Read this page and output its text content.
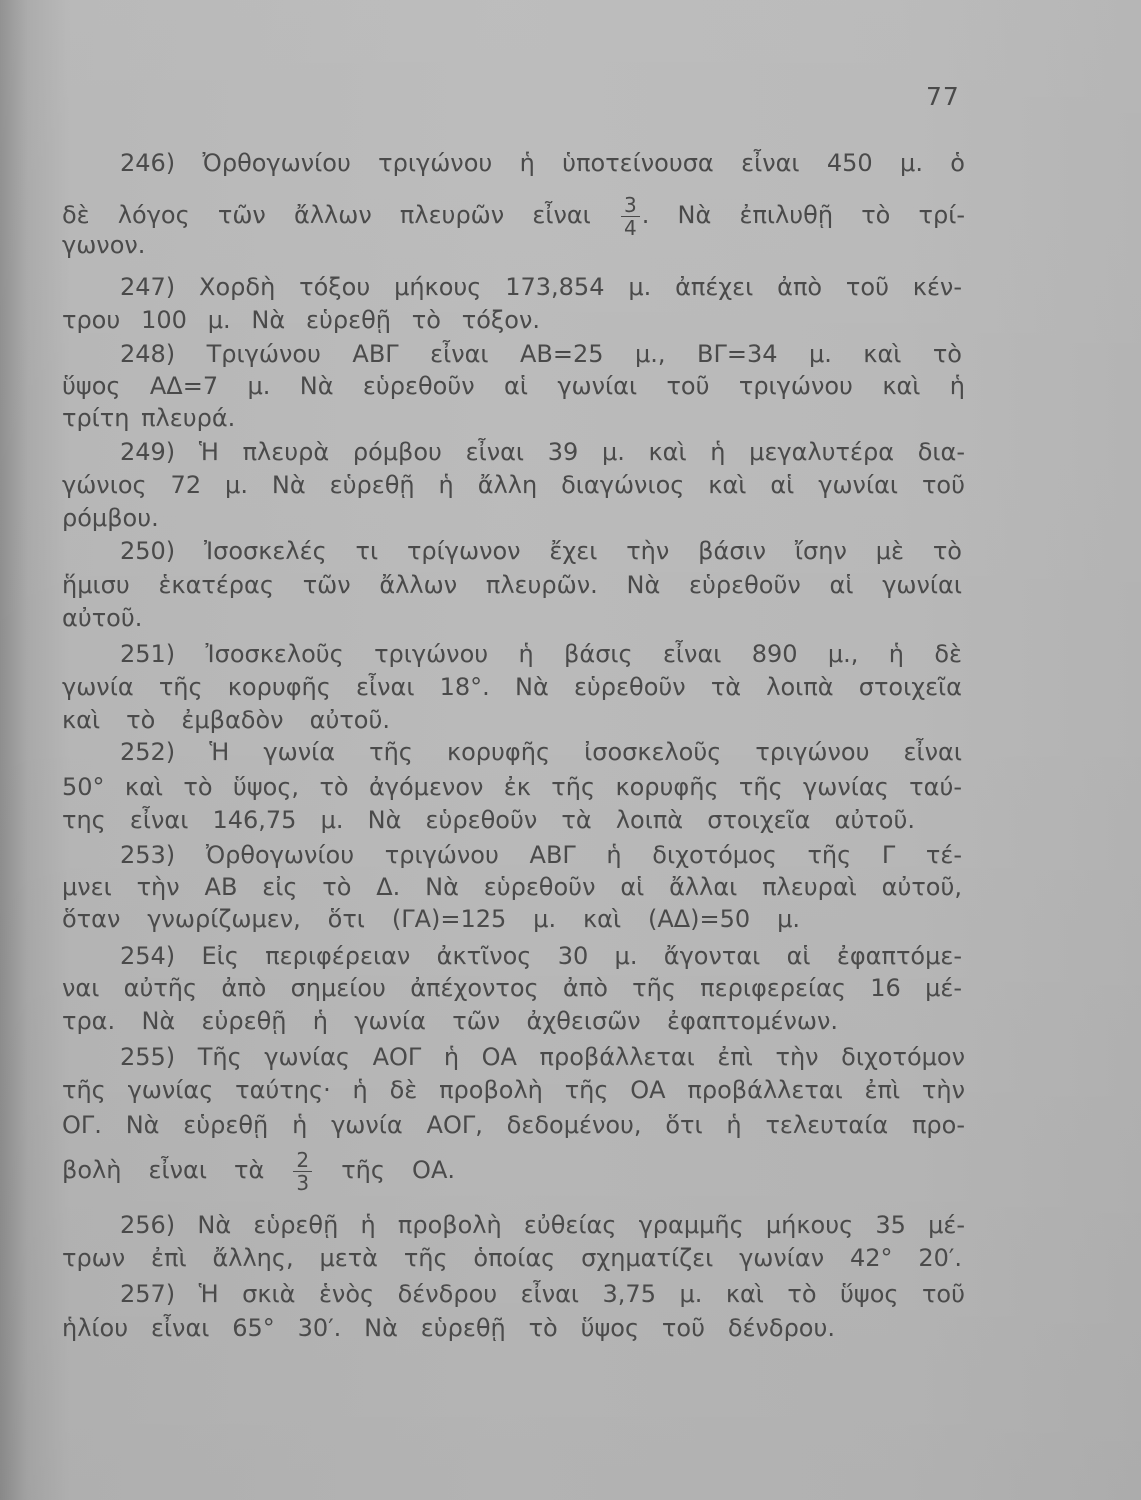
77
246) Ὀρθογωνίου τριγώνου ἡ ὑποτείνουσα εἶναι 450 μ. ὁ
δὲ λόγος τῶν ἄλλων πλευρῶν εἶναι $\frac{3}{4}$ . Νὰ ἐπιλυθῇ τὸ τρί-
γωνον.
247) Χορδὴ τόξου μήκους 173,854 μ. ἀπέχει ἀπὸ τοῦ κέν-
τρου 100 μ. Νὰ εὑρεθῇ τὸ τόξον.
248) Τριγώνου ΑΒΓ εἶναι ΑΒ=25 μ., ΒΓ=34 μ. καὶ τὸ
ὕψος ΑΔ=7 μ. Νὰ εὑρεθοῦν αἱ γωνίαι τοῦ τριγώνου καὶ ἡ
τρίτη πλευρά.
249) Ἡ πλευρὰ ρόμβου εἶναι 39 μ. καὶ ἡ μεγαλυτέρα δια-
γώνιος 72 μ. Νὰ εὑρεθῇ ἡ ἄλλη διαγώνιος καὶ αἱ γωνίαι τοῦ
ρόμβου.
250) Ἰσοσκελές τι τρίγωνον ἔχει τὴν βάσιν ἴσην μὲ τὸ
ἥμισυ ἑκατέρας τῶν ἄλλων πλευρῶν. Νὰ εὑρεθοῦν αἱ γωνίαι
αὐτοῦ.
251) Ἰσοσκελοῦς τριγώνου ἡ βάσις εἶναι 890 μ., ἡ δὲ
γωνία τῆς κορυφῆς εἶναι 18°. Νὰ εὑρεθοῦν τὰ λοιπὰ στοιχεῖα
καὶ τὸ ἐμβαδὸν αὐτοῦ.
252) Ἡ γωνία τῆς κορυφῆς ἰσοσκελοῦς τριγώνου εἶναι
50° καὶ τὸ ὕψος, τὸ ἀγόμενον ἐκ τῆς κορυφῆς τῆς γωνίας ταύ-
της εἶναι 146,75 μ. Νὰ εὑρεθοῦν τὰ λοιπὰ στοιχεῖα αὐτοῦ.
253) Ὀρθογωνίου τριγώνου ΑΒΓ ἡ διχοτόμος τῆς Γ τέ-
μνει τὴν ΑΒ εἰς τὸ Δ. Νὰ εὑρεθοῦν αἱ ἄλλαι πλευραὶ αὐτοῦ,
ὅταν γνωρίζωμεν, ὅτι (ΓΑ)=125 μ. καὶ (ΑΔ)=50 μ.
254) Εἰς περιφέρειαν ἀκτῖνος 30 μ. ἄγονται αἱ ἐφαπτόμε-
ναι αὐτῆς ἀπὸ σημείου ἀπέχοντος ἀπὸ τῆς περιφερείας 16 μέ-
τρα. Νὰ εὑρεθῇ ἡ γωνία τῶν ἀχθεισῶν ἐφαπτομένων.
255) Τῆς γωνίας ΑΟΓ ἡ ΟΑ προβάλλεται ἐπὶ τὴν διχοτόμον
τῆς γωνίας ταύτης· ἡ δὲ προβολὴ τῆς ΟΑ προβάλλεται ἐπὶ τὴν
ΟΓ. Νὰ εὑρεθῇ ἡ γωνία ΑΟΓ, δεδομένου, ὅτι ἡ τελευταία προ-
βολὴ εἶναι τὰ $\frac{2}{3}$ τῆς ΟΑ.
256) Νὰ εὑρεθῇ ἡ προβολὴ εὐθείας γραμμῆς μήκους 35 μέ-
τρων ἐπὶ ἄλλης, μετὰ τῆς ὁποίας σχηματίζει γωνίαν 42° 20′.
257) Ἡ σκιὰ ἑνὸς δένδρου εἶναι 3,75 μ. καὶ τὸ ὕψος τοῦ
ἡλίου εἶναι 65° 30′. Νὰ εὑρεθῇ τὸ ὕψος τοῦ δένδρου.
